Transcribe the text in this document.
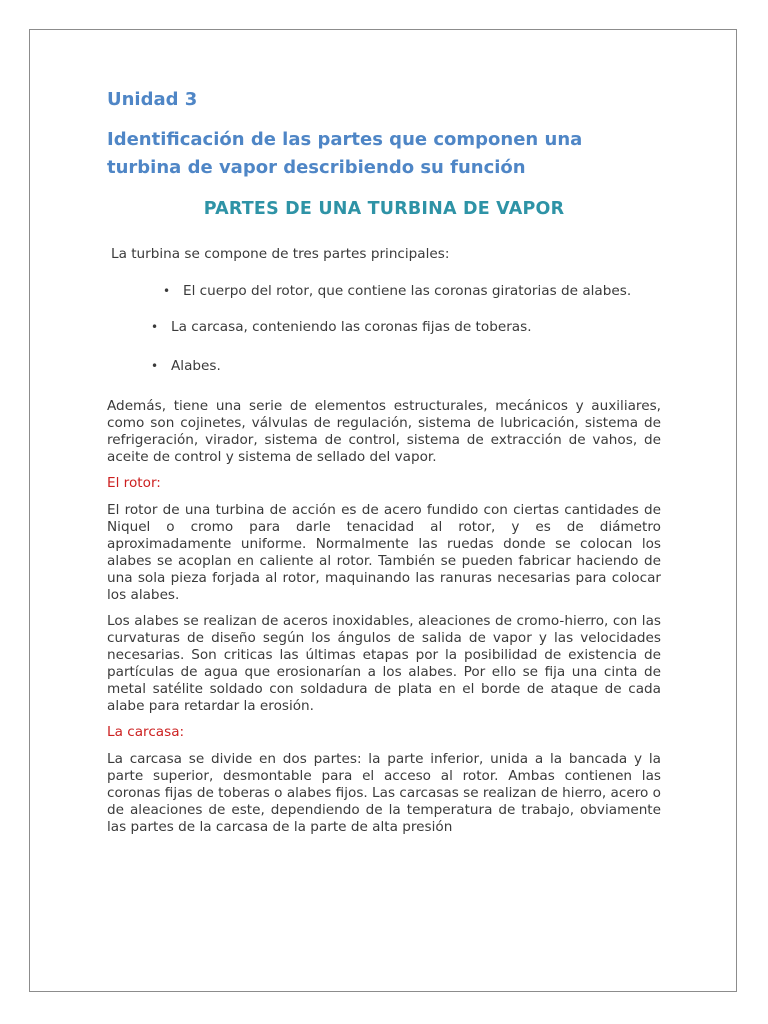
Unidad 3
Identificación de las partes que componen una turbina de vapor describiendo su función
PARTES DE UNA TURBINA DE VAPOR

La turbina se compone de tres partes principales:

• El cuerpo del rotor, que contiene las coronas giratorias de alabes.
• La carcasa, conteniendo las coronas fijas de toberas.
• Alabes.

Además, tiene una serie de elementos estructurales, mecánicos y auxiliares, como son cojinetes, válvulas de regulación, sistema de lubricación, sistema de refrigeración, virador, sistema de control, sistema de extracción de vahos, de aceite de control y sistema de sellado del vapor.

El rotor:

El rotor de una turbina de acción es de acero fundido con ciertas cantidades de Niquel o cromo para darle tenacidad al rotor, y es de diámetro aproximadamente uniforme. Normalmente las ruedas donde se colocan los alabes se acoplan en caliente al rotor. También se pueden fabricar haciendo de una sola pieza forjada al rotor, maquinando las ranuras necesarias para colocar los alabes.

Los alabes se realizan de aceros inoxidables, aleaciones de cromo-hierro, con las curvaturas de diseño según los ángulos de salida de vapor y las velocidades necesarias. Son criticas las últimas etapas por la posibilidad de existencia de partículas de agua que erosionarían a los alabes. Por ello se fija una cinta de metal satélite soldado con soldadura de plata en el borde de ataque de cada alabe para retardar la erosión.

La carcasa:

La carcasa se divide en dos partes: la parte inferior, unida a la bancada y la parte superior, desmontable para el acceso al rotor. Ambas contienen las coronas fijas de toberas o alabes fijos. Las carcasas se realizan de hierro, acero o de aleaciones de este, dependiendo de la temperatura de trabajo, obviamente las partes de la carcasa de la parte de alta presión
